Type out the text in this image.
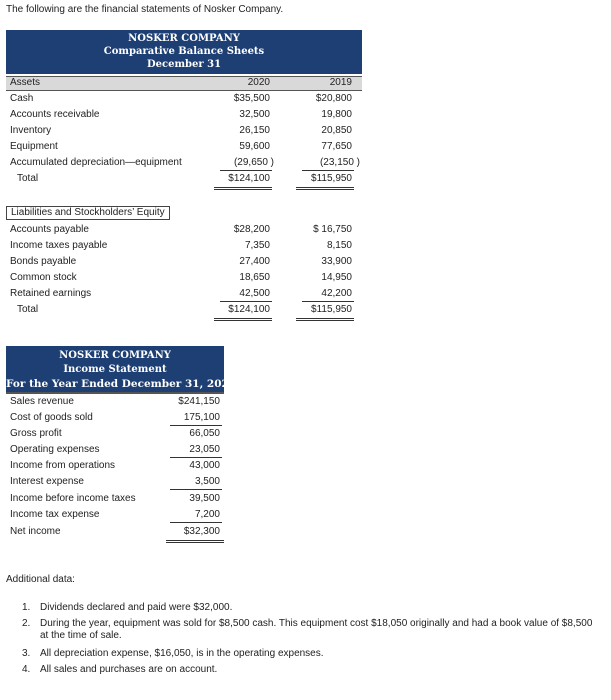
The following are the financial statements of Nosker Company.
NOSKER COMPANY
Comparative Balance Sheets
December 31
Assets	2020	2019
Cash	$35,500	$20,800
Accounts receivable	32,500	19,800
Inventory	26,150	20,850
Equipment	59,600	77,650
Accumulated depreciation—equipment	(29,650 )	(23,150 )
Total	$124,100	$115,950
Liabilities and Stockholders’ Equity
Accounts payable	$28,200	$ 16,750
Income taxes payable	7,350	8,150
Bonds payable	27,400	33,900
Common stock	18,650	14,950
Retained earnings	42,500	42,200
Total	$124,100	$115,950
NOSKER COMPANY
Income Statement
For the Year Ended December 31, 2020
Sales revenue	$241,150
Cost of goods sold	175,100
Gross profit	66,050
Operating expenses	23,050
Income from operations	43,000
Interest expense	3,500
Income before income taxes	39,500
Income tax expense	7,200
Net income	$32,300
Additional data:
1. Dividends declared and paid were $32,000.
2. During the year, equipment was sold for $8,500 cash. This equipment cost $18,050 originally and had a book value of $8,500 at the time of sale.
3. All depreciation expense, $16,050, is in the operating expenses.
4. All sales and purchases are on account.
